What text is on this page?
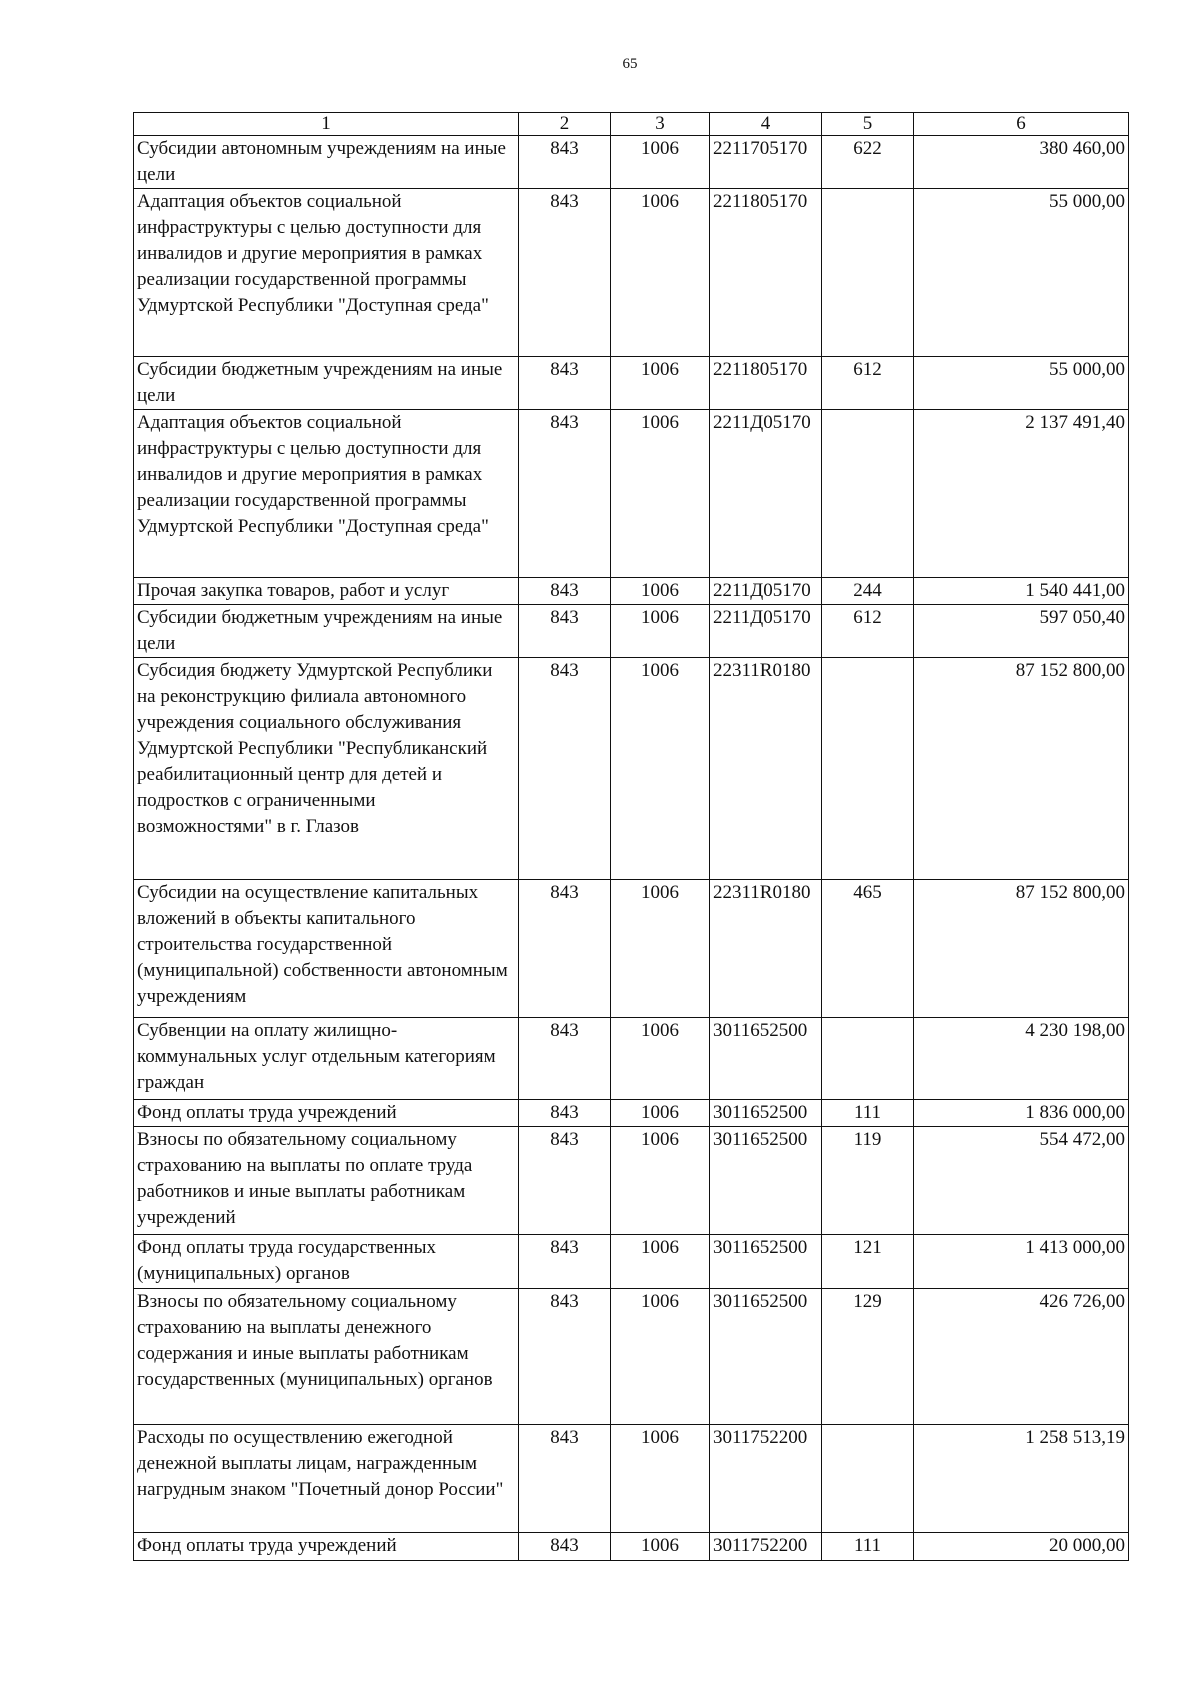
65
1	2	3	4	5	6
Субсидии автономным учреждениям на иные цели	843	1006	2211705170	622	380 460,00
Адаптация объектов социальной инфраструктуры с целью доступности для инвалидов и другие мероприятия в рамках реализации государственной программы Удмуртской Республики "Доступная среда"	843	1006	2211805170		55 000,00
Субсидии бюджетным учреждениям на иные цели	843	1006	2211805170	612	55 000,00
Адаптация объектов социальной инфраструктуры с целью доступности для инвалидов и другие мероприятия в рамках реализации государственной программы Удмуртской Республики "Доступная среда"	843	1006	2211Д05170		2 137 491,40
Прочая закупка товаров, работ и услуг	843	1006	2211Д05170	244	1 540 441,00
Субсидии бюджетным учреждениям на иные цели	843	1006	2211Д05170	612	597 050,40
Субсидия бюджету Удмуртской Республики на реконструкцию филиала автономного учреждения социального обслуживания Удмуртской Республики "Республиканский реабилитационный центр для детей и подростков с ограниченными возможностями" в г. Глазов	843	1006	22311R0180		87 152 800,00
Субсидии на осуществление капитальных вложений в объекты капитального строительства государственной (муниципальной) собственности автономным учреждениям	843	1006	22311R0180	465	87 152 800,00
Субвенции на оплату жилищно-коммунальных услуг отдельным категориям граждан	843	1006	3011652500		4 230 198,00
Фонд оплаты труда учреждений	843	1006	3011652500	111	1 836 000,00
Взносы по обязательному социальному страхованию на выплаты по оплате труда работников и иные выплаты работникам учреждений	843	1006	3011652500	119	554 472,00
Фонд оплаты труда государственных (муниципальных) органов	843	1006	3011652500	121	1 413 000,00
Взносы по обязательному социальному страхованию на выплаты денежного содержания и иные выплаты работникам государственных (муниципальных) органов	843	1006	3011652500	129	426 726,00
Расходы по осуществлению ежегодной денежной выплаты лицам, награжденным нагрудным знаком "Почетный донор России"	843	1006	3011752200		1 258 513,19
Фонд оплаты труда учреждений	843	1006	3011752200	111	20 000,00
